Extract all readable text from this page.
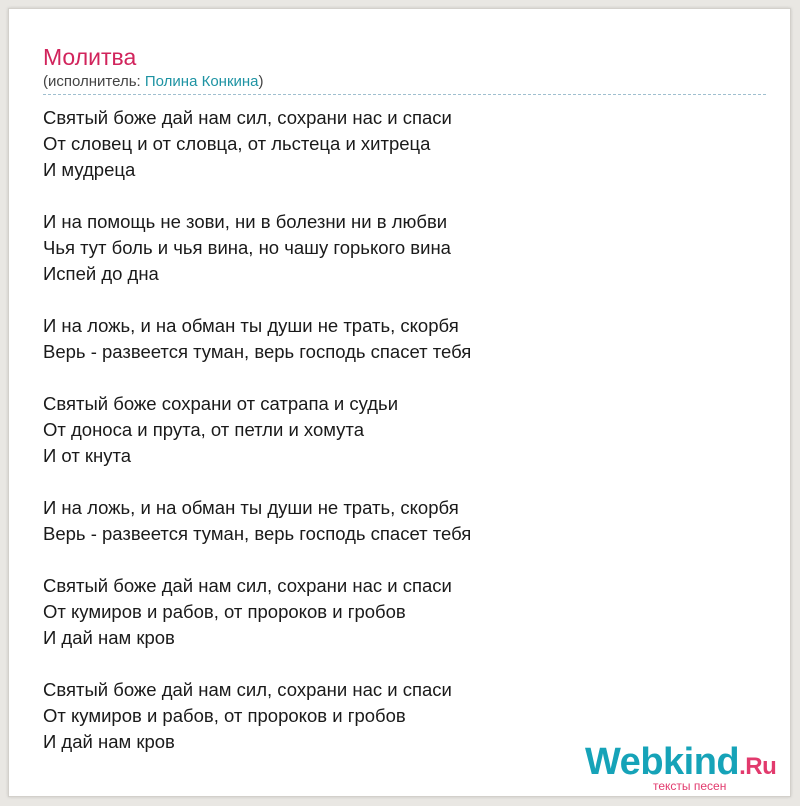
Молитва
(исполнитель: Полина Конкина)
Святый боже дай нам сил, сохрани нас и спаси
От словец и от словца, от льстеца и хитреца
И мудреца
И на помощь не зови, ни в болезни ни в любви
Чья тут боль и чья вина, но чашу горького вина
Испей до дна
И на ложь, и на обман ты души не трать, скорбя
Верь - развеется туман, верь господь спасет тебя
Святый боже сохрани от сатрапа и судьи
От доноса и прута, от петли и хомута
И от кнута
И на ложь, и на обман ты души не трать, скорбя
Верь - развеется туман, верь господь спасет тебя
Святый боже дай нам сил, сохрани нас и спаси
От кумиров и рабов, от пророков и гробов
И дай нам кров
Святый боже дай нам сил, сохрани нас и спаси
От кумиров и рабов, от пророков и гробов
И дай нам кров	Webkind.Ru
тексты песен
